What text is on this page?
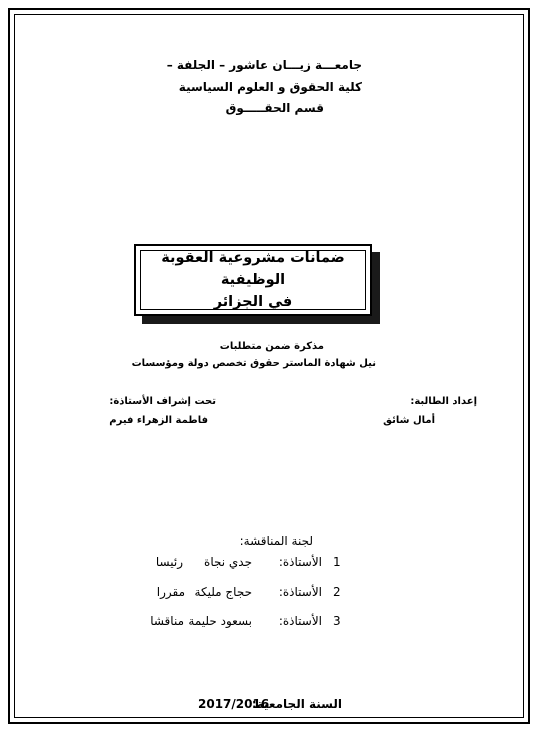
جامعـــة زيـــان عاشور – الجلفة –
كلية الحقوق و العلوم السياسية
قسم الحقـــــوق
ضمانات مشروعية العقوبة الوظيفية
في الجزائر
مذكرة ضمن متطلبات
نيل شهادة الماستر حقوق تخصص دولة ومؤسسات
إعداد الطالبة:
أمال شائق
تحت إشراف الأستاذة:
فاطمة الزهراء فيرم
لجنة المناقشة:
1
الأستاذة:
جدي نجاة
رئيسا
2
الأستاذة:
حجاج مليكة
مقررا
3
الأستاذة:
بسعود حليمة
مناقشا
السنة الجامعية:
2017/2016
